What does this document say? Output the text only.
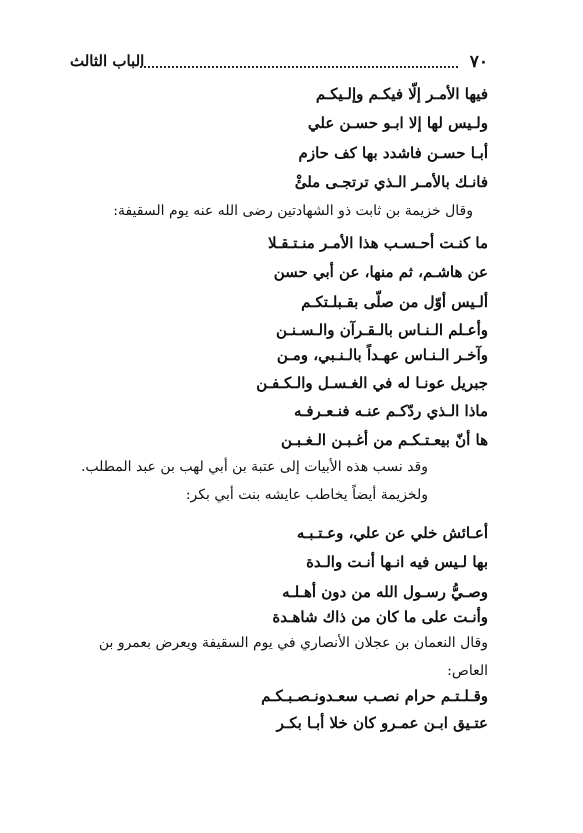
٧٠
الباب الثالث
فيها الأمـر إلّا فيكـم وإلـيكـم
ولـيس لها إلا ابـو حسـن علي
أبـا حسـن فاشدد بها كف حازم
فانـك بالأمـر الـذي ترتجـى ملئْ
وقال خزيمة بن ثابت ذو الشهادتين رضى الله عنه يوم السقيفة:
ما كنـت أحـسـب هذا الأمـر منـتـقـلا
عن هاشـم، ثم منها، عن أبي حسن
ألـيس أوّل من صلّى بقـبلـتكـم
وأعـلم الـنـاس بالـقـرآن والـسـنـن
وآخـر الـنـاس عهـداً بالـنـبي، ومـن
جبريل عونـا له في الغـسـل والـكـفـن
ماذا الـذي ردّكـم عنـه فنـعـرفـه
ها أنّ بيعـتـكـم من أغـبـن الـغـبـن
وقد نسب هذه الأبيات إلى عتبة بن أبي لهب بن عبد المطلب.
ولخزيمة أيضاً يخاطب عايشه بنت أبي بكر:
أعـائش خلي عن علي، وعـتـبـه
بها لـيس فيه انـها أنـت والـدة
وصـيُّ رسـول الله من دون أهـلـه
وأنـت على ما كان من ذاك شاهـدة
وقال النعمان بن عجلان الأنصاري في يوم السقيفة ويعرض بعمرو بن
العاص:
وقـلـتـم حرام نصـب سعـدونـصـبـكـم
عتـيق ابـن عمـرو كان خلا أبـا بكـر
